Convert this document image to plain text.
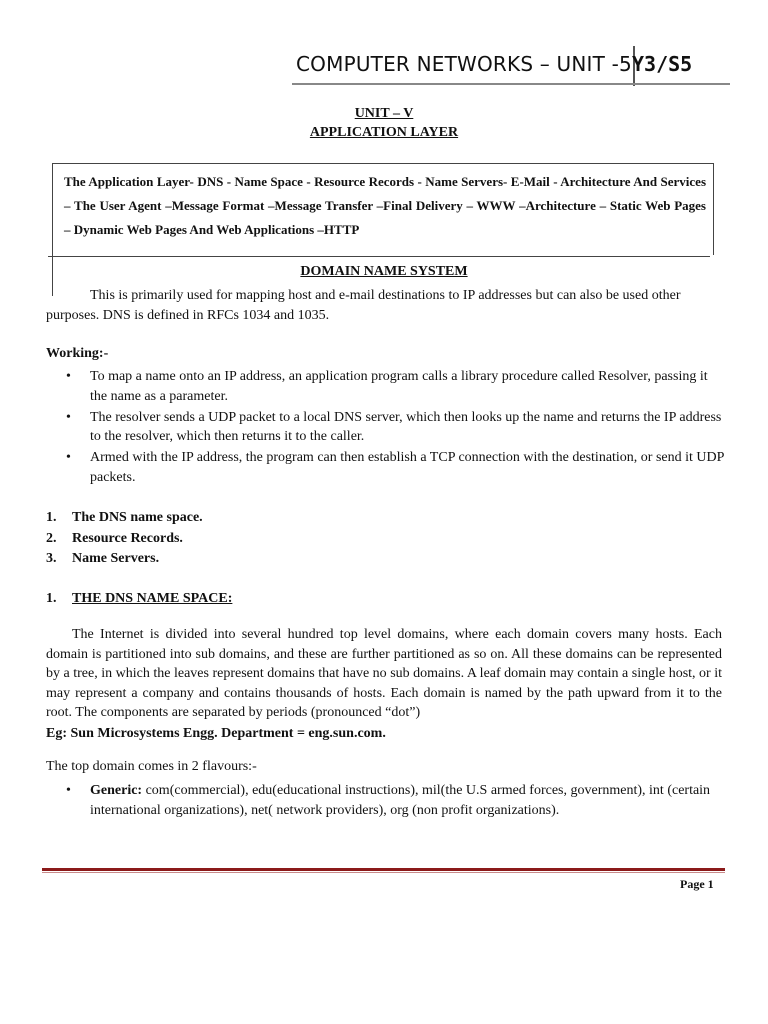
COMPUTER NETWORKS – UNIT -5 Y3/S5
UNIT – V
APPLICATION LAYER
The Application Layer- DNS - Name Space - Resource Records - Name Servers- E-Mail - Architecture And Services – The User Agent –Message Format –Message Transfer –Final Delivery – WWW –Architecture – Static Web Pages – Dynamic Web Pages And Web Applications –HTTP
DOMAIN NAME SYSTEM
This is primarily used for mapping host and e-mail destinations to IP addresses but can also be used other purposes. DNS is defined in RFCs 1034 and 1035.
Working:-
• To map a name onto an IP address, an application program calls a library procedure called Resolver, passing it the name as a parameter.
• The resolver sends a UDP packet to a local DNS server, which then looks up the name and returns the IP address to the resolver, which then returns it to the caller.
• Armed with the IP address, the program can then establish a TCP connection with the destination, or send it UDP packets.
1.	The DNS name space.
2.	Resource Records.
3.	Name Servers.
1.	THE DNS NAME SPACE:
The Internet is divided into several hundred top level domains, where each domain covers many hosts. Each domain is partitioned into sub domains, and these are further partitioned as so on. All these domains can be represented by a tree, in which the leaves represent domains that have no sub domains. A leaf domain may contain a single host, or it may represent a company and contains thousands of hosts. Each domain is named by the path upward from it to the root. The components are separated by periods (pronounced “dot”)
Eg: Sun Microsystems Engg. Department = eng.sun.com.
The top domain comes in 2 flavours:-
• Generic: com(commercial), edu(educational instructions), mil(the U.S armed forces, government), int (certain international organizations), net( network providers), org (non profit organizations).
Page 1
